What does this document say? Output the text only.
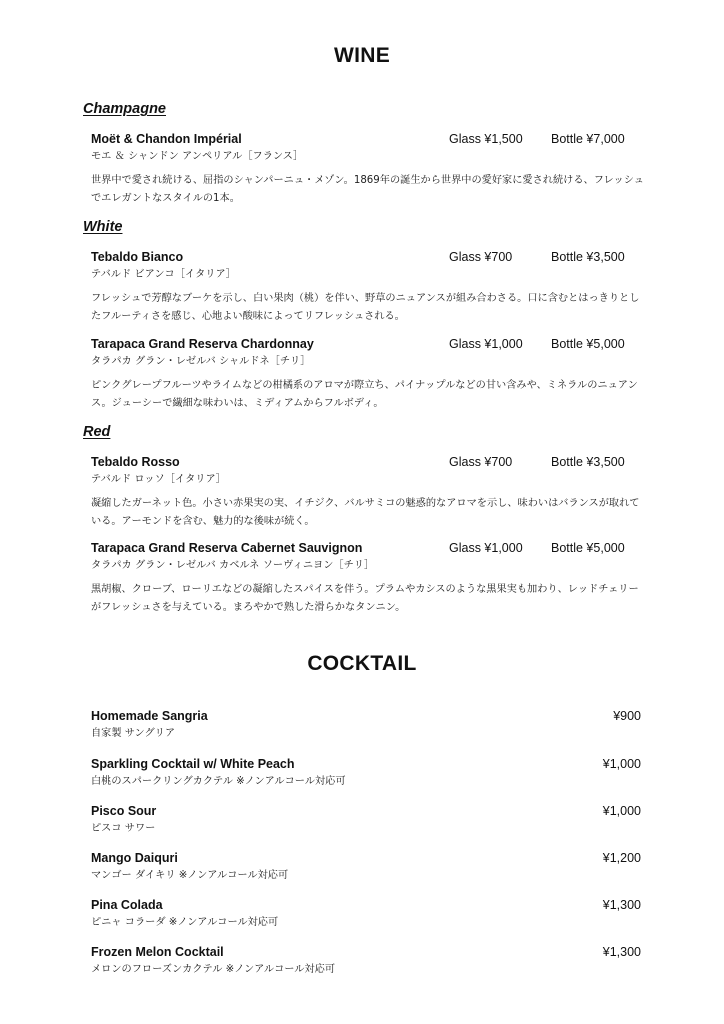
WINE
Champagne
Moët & Chandon Impérial	Glass ¥1,500 Bottle ¥7,000
モエ ＆ シャンドン アンペリアル［フランス］
世界中で愛され続ける、屈指のシャンパーニュ・メゾン。1869年の誕生から世界中の愛好家に愛され続ける、フレッシュでエレガントなスタイルの1本。
White
Tebaldo Bianco	Glass ¥700	Bottle ¥3,500
テバルド ビアンコ［イタリア］
フレッシュで芳醇なブーケを示し、白い果肉（桃）を伴い、野草のニュアンスが組み合わさる。口に含むとはっきりとしたフルーティさを感じ、心地よい酸味によってリフレッシュされる。
Tarapaca Grand Reserva Chardonnay	Glass ¥1,000 Bottle ¥5,000
タラパカ グラン・レゼルバ シャルドネ［チリ］
ピンクグレープフルーツやライムなどの柑橘系のアロマが際立ち、パイナップルなどの甘い含みや、ミネラルのニュアンス。ジューシーで繊細な味わいは、ミディアムからフルボディ。
Red
Tebaldo Rosso	Glass ¥700	Bottle ¥3,500
テバルド ロッソ［イタリア］
凝縮したガーネット色。小さい赤果実の実、イチジク、バルサミコの魅惑的なアロマを示し、味わいはバランスが取れている。アーモンドを含む、魅力的な後味が続く。
Tarapaca Grand Reserva Cabernet Sauvignon	Glass ¥1,000 Bottle ¥5,000
タラパカ グラン・レゼルバ カベルネ ソーヴィニヨン［チリ］
黒胡椒、クローブ、ローリエなどの凝縮したスパイスを伴う。プラムやカシスのような黒果実も加わり、レッドチェリーがフレッシュさを与えている。まろやかで熟した滑らかなタンニン。
COCKTAIL
Homemade Sangria	¥900
自家製 サングリア
Sparkling Cocktail w/ White Peach	¥1,000
白桃のスパークリングカクテル ※ノンアルコール対応可
Pisco Sour	¥1,000
ピスコ サワー
Mango Daiquri	¥1,200
マンゴー ダイキリ ※ノンアルコール対応可
Pina Colada	¥1,300
ピニャ コラーダ ※ノンアルコール対応可
Frozen Melon Cocktail	¥1,300
メロンのフローズンカクテル ※ノンアルコール対応可
